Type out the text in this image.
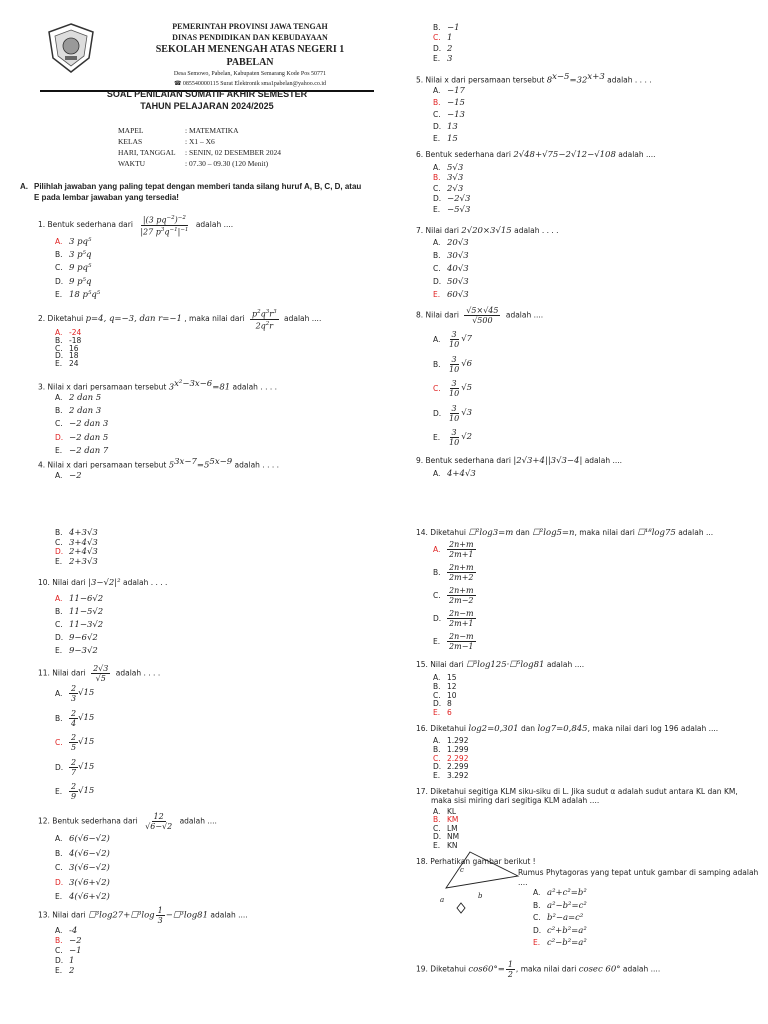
PEMERINTAH PROVINSI JAWA TENGAH
DINAS PENDIDIKAN DAN KEBUDAYAAN
SEKOLAH MENENGAH ATAS NEGERI 1
PABELAN
Desa Semowo, Pabelan, Kabupaten Semarang Kode Pos 50771
☎ 085540000115 Surat Elektronik sma1pabelan@yahoo.co.id
SOAL PENILAIAN SUMATIF AKHIR SEMESTER
TAHUN PELAJARAN 2024/2025
MAPEL	: MATEMATIKA
KELAS	: X1 – X6
HARI, TANGGAL : SENIN, 02 DESEMBER 2024
WAKTU	: 07.30 – 09.30 (120 Menit)
A. Pilihlah jawaban yang paling tepat dengan memberi tanda silang huruf A, B, C, D, atau
E pada lembar jawaban yang tersedia!
1. Bentuk sederhana dari $\frac{|(3 pq^{-2})^{-2}}{|27 p^3q^{-1}|^{-1}}$ adalah ....
A. 3 pq⁵
B. 3 p⁵q
C. 9 pq⁵
D. 9 p⁵q
E. 18 p⁵q⁵
2. Diketahui p=4, q=−3, dan r=−1 , maka nilai dari $\frac{p^2q^3r^3}{2q^2r}$ adalah ....
A. -24
B. -18
C. 16
D. 18
E. 24
3. Nilai x dari persamaan tersebut $3^{x^2-3x-6}=81$ adalah . . . .
A. 2 dan 5
B. 2 dan 3
C. −2 dan 3
D. −2 dan 5
E. −2 dan 7
4. Nilai x dari persamaan tersebut $5^{3x-7}=5^{5x-9}$ adalah . . . .
A. −2
B. −1
C. 1
D. 2
E. 3
5. Nilai x dari persamaan tersebut $8^{x-5}=32^{x+3}$ adalah . . . .
A. −17
B. −15
C. −13
D. 13
E. 15
6. Bentuk sederhana dari 2√48+√75−2√12−√108 adalah ....
A. 5√3
B. 3√3
C. 2√3
D. −2√3
E. −5√3
7. Nilai dari 2√20×3√15 adalah . . . .
A. 20√3
B. 30√3
C. 40√3
D. 50√3
E. 60√3
8. Nilai dari $\frac{√5\times√45}{√500}$ adalah ....
A. $\frac{3}{10} √7$
B. $\frac{3}{10} √6$
C. $\frac{3}{10} √5$
D. $\frac{3}{10} √3$
E. $\frac{3}{10} √2$
9. Bentuk sederhana dari |2√3+4||3√3−4| adalah ....
A. 4+4√3
B. 4+3√3
C. 3+4√3
D. 2+4√3
E. 2+3√3
10. Nilai dari |3−√2|² adalah . . . .
A. 11−6√2
B. 11−5√2
C. 11−3√2
D. 9−6√2
E. 9−3√2
11. Nilai dari $\frac{2√3}{√5}$ adalah . . . .
A. $\frac{2}{3} √15$
B. $\frac{2}{4} √15$
C. $\frac{2}{5} √15$
D. $\frac{2}{7} √15$
E. $\frac{2}{9} √15$
12. Bentuk sederhana dari $\frac{12}{√6-√2}$ adalah ....
A. 6(√6−√2)
B. 4(√6−√2)
C. 3(√6−√2)
D. 3(√6+√2)
E. 4(√6+√2)
13. Nilai dari ☐³log27+☐³log $\frac{1}{3}$ −☐³log81 adalah ....
A. -4
B. −2
C. −1
D. 1
E. 2
14. Diketahui ☐²log3=m dan ☐²log5=n, maka nilai dari ☐¹⁸log75 adalah ...
A. $\frac{2n+m}{2m+1}$
B. $\frac{2n+m}{2m+2}$
C. $\frac{2n+m}{2m-2}$
D. $\frac{2n-m}{2m+1}$
E. $\frac{2n-m}{2m-1}$
15. Nilai dari ☐³log125·☐⁵log81 adalah ....
A. 15
B. 12
C. 10
D. 8
E. 6
16. Diketahui log2=0,301 dan log7=0,845, maka nilai dari log 196 adalah ....
A. 1.292
B. 1.299
C. 2.292
D. 2.299
E. 3.292
17. Diketahui segitiga KLM siku-siku di L. Jika sudut α adalah sudut antara KL dan KM,
maka sisi miring dari segitiga KLM adalah ....
A. KL
B. KM
C. LM
D. NM
E. KN
18. Perhatikan gambar berikut !
Rumus Phytagoras yang tepat untuk gambar di samping adalah
....
c
a	b	A. a²+c²=b²
B. a²−b²=c²
C. b²−a=c²
D. c²+b²=a²
E. c²−b²=a²
19. Diketahui $\cos 60^\circ= \frac{1}{2}$ , maka nilai dari cosec 60° adalah ....
